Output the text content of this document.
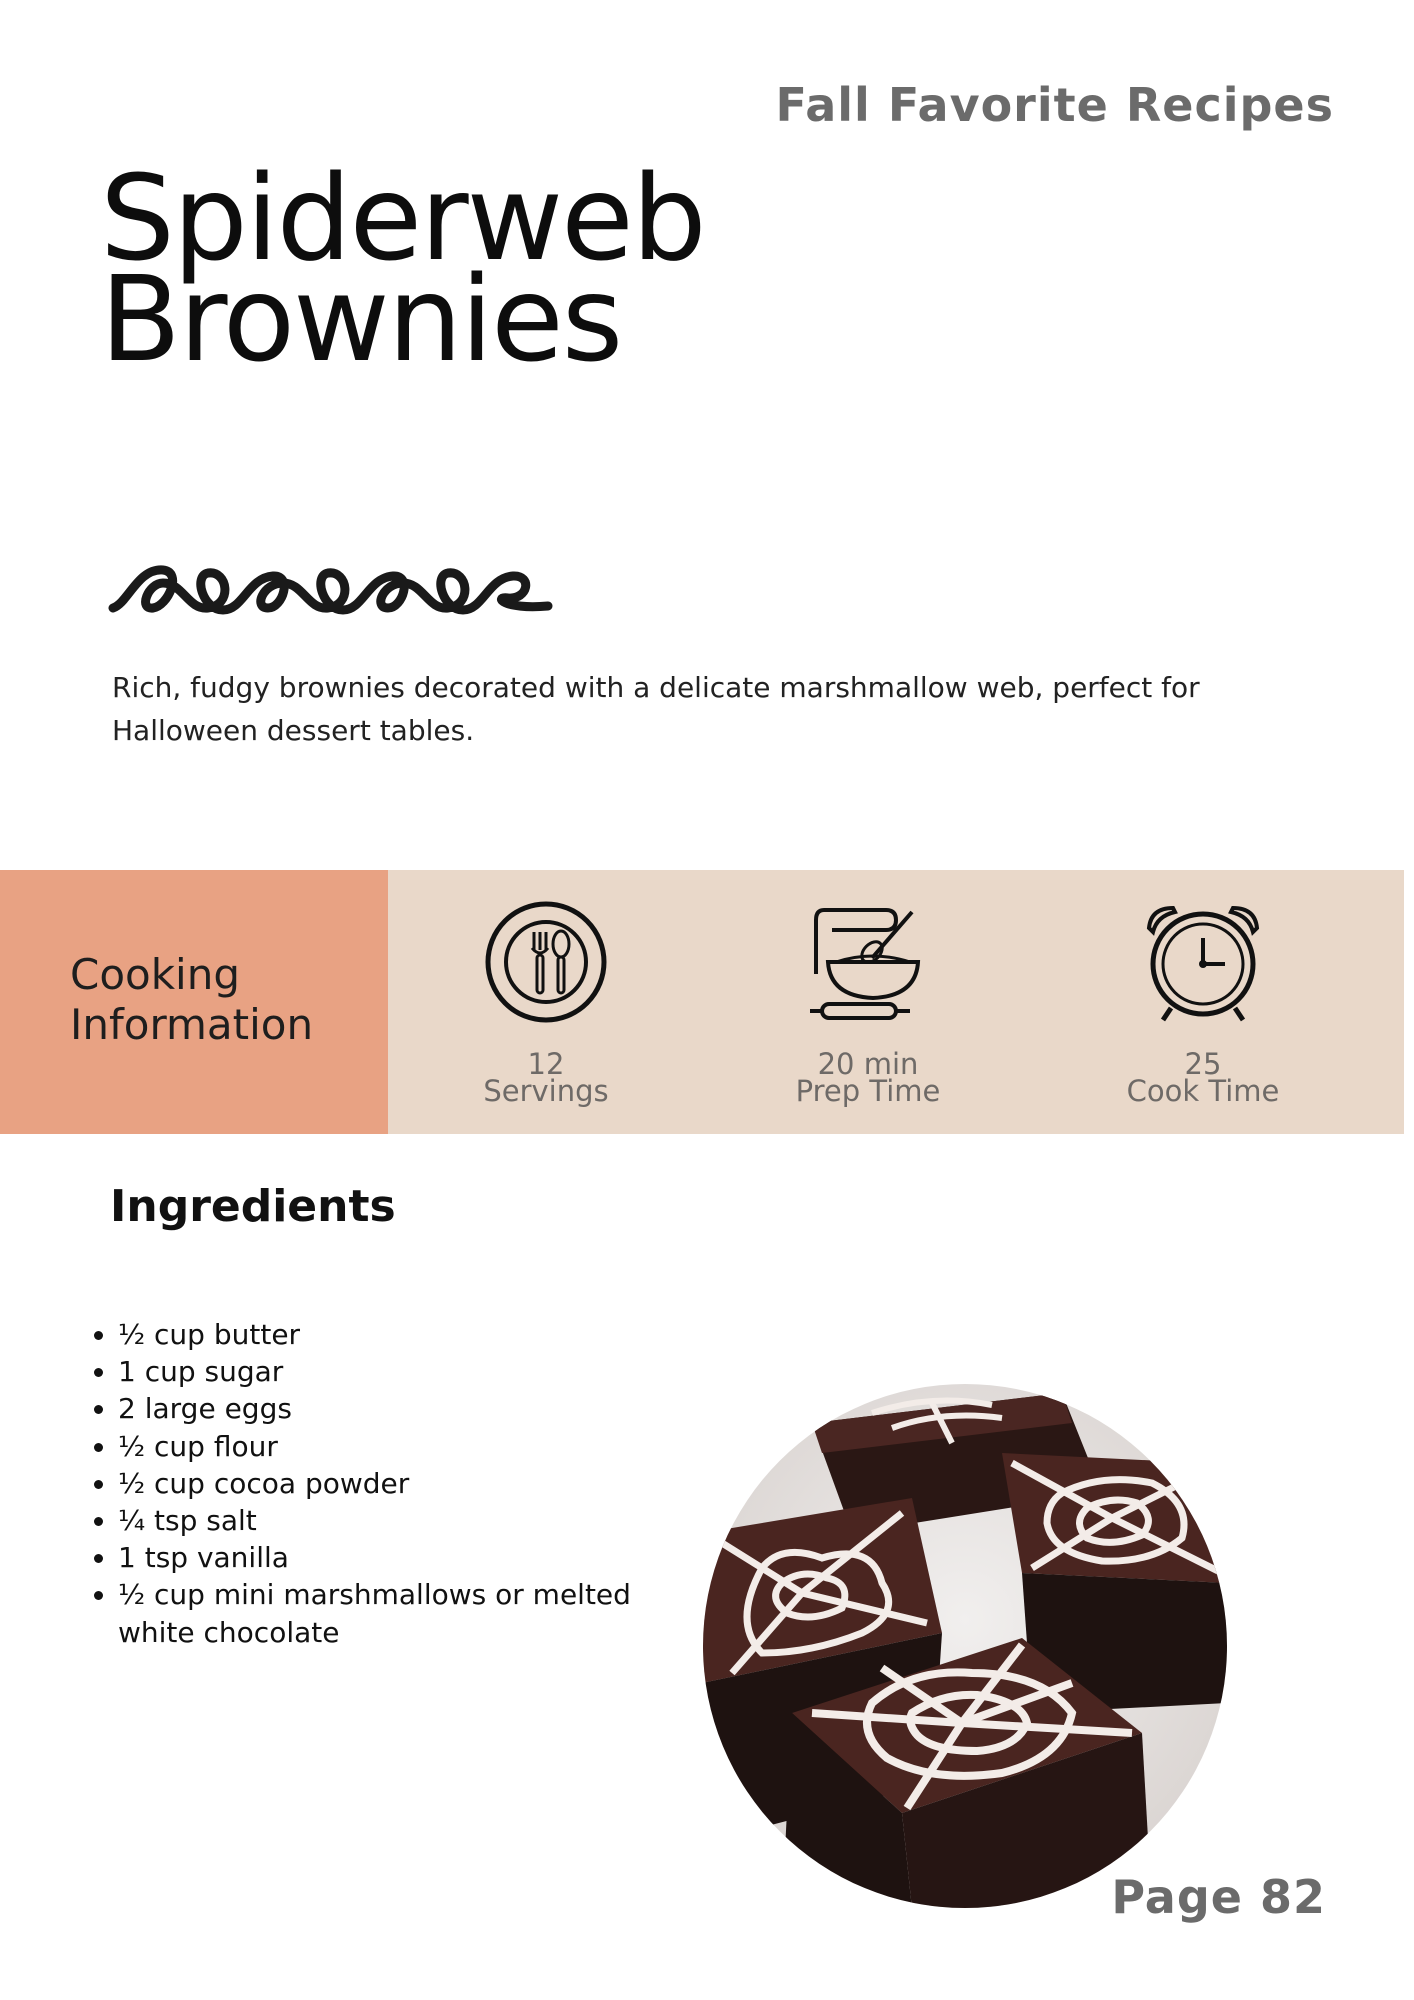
Fall Favorite Recipes
Spiderweb
Brownies

Rich, fudgy brownies decorated with a delicate marshmallow web, perfect for Halloween dessert tables.

Cooking
Information

12
Servings
20 min
Prep Time
25
Cook Time
Ingredients
• ½ cup butter
• 1 cup sugar
• 2 large eggs
• ½ cup flour
• ½ cup cocoa powder
• ¼ tsp salt
• 1 tsp vanilla
• ½ cup mini marshmallows or melted white chocolate

Page 82
